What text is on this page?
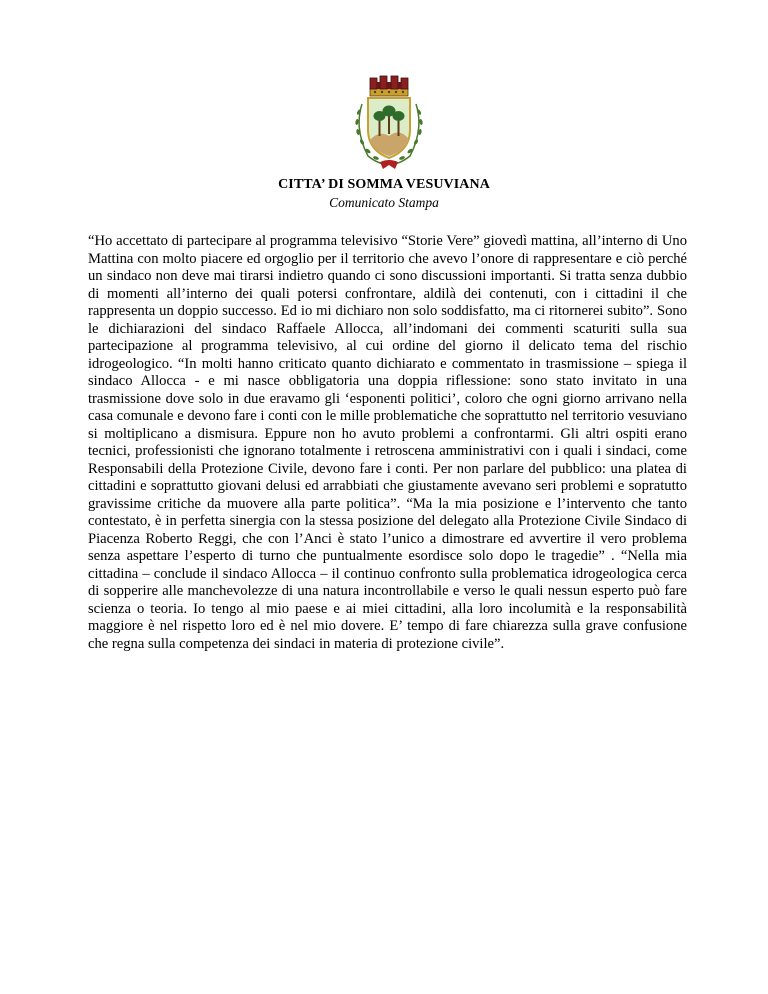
CITTA’ DI SOMMA VESUVIANA
Comunicato Stampa

“Ho accettato di partecipare al programma televisivo “Storie Vere” giovedì mattina, all’interno di Uno Mattina con molto piacere ed orgoglio per il territorio che avevo l’onore di rappresentare e ciò perché un sindaco non deve mai tirarsi indietro quando ci sono discussioni importanti. Si tratta senza dubbio di momenti all’interno dei quali potersi confrontare, aldilà dei contenuti, con i cittadini il che rappresenta un doppio successo. Ed io mi dichiaro non solo soddisfatto, ma ci ritornerei subito”. Sono le dichiarazioni del sindaco Raffaele Allocca, all’indomani dei commenti scaturiti sulla sua partecipazione al programma televisivo, al cui ordine del giorno il delicato tema del rischio idrogeologico. “In molti hanno criticato quanto dichiarato e commentato in trasmissione – spiega il sindaco Allocca - e mi nasce obbligatoria una doppia riflessione: sono stato invitato in una trasmissione dove solo in due eravamo gli ‘esponenti politici’, coloro che ogni giorno arrivano nella casa comunale e devono fare i conti con le mille problematiche che soprattutto nel territorio vesuviano si moltiplicano a dismisura. Eppure non ho avuto problemi a confrontarmi. Gli altri ospiti erano tecnici, professionisti che ignorano totalmente i retroscena amministrativi con i quali i sindaci, come Responsabili della Protezione Civile, devono fare i conti. Per non parlare del pubblico: una platea di cittadini e soprattutto giovani delusi ed arrabbiati che giustamente avevano seri problemi e sopratutto gravissime critiche da muovere alla parte politica”. “Ma la mia posizione e l’intervento che tanto contestato, è in perfetta sinergia con la stessa posizione del delegato alla Protezione Civile Sindaco di Piacenza Roberto Reggi, che con l’Anci è stato l’unico a dimostrare ed avvertire il vero problema senza aspettare l’esperto di turno che puntualmente esordisce solo dopo le tragedie” . “Nella mia cittadina – conclude il sindaco Allocca – il continuo confronto sulla problematica idrogeologica cerca di sopperire alle manchevolezze di una natura incontrollabile e verso le quali nessun esperto può fare scienza o teoria. Io tengo al mio paese e ai miei cittadini, alla loro incolumità e la responsabilità maggiore è nel rispetto loro ed è nel mio dovere. E’ tempo di fare chiarezza sulla grave confusione che regna sulla competenza dei sindaci in materia di protezione civile”.
